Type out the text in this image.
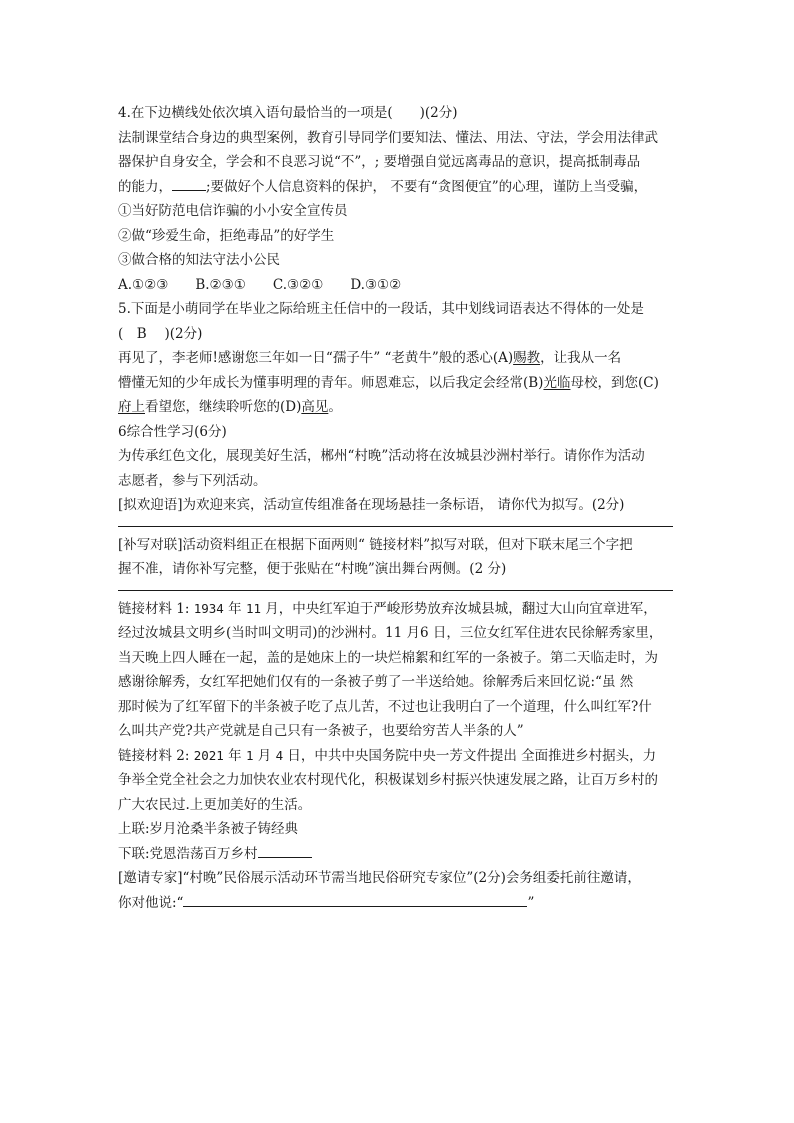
4.在下边横线处依次填入语句最恰当的一项是(　　)(2分)

法制课堂结合身边的典型案例，教育引导同学们要知法、懂法、用法、守法，学会用法律武

器保护自身安全，学会和不良恶习说“不”，; 要增强自觉远离毒品的意识，提高抵制毒品

的能力，	;要做好个人信息资料的保护， 不要有“贪图便宜”的心理，谨防上当受骗，

①当好防范电信诈骗的小小安全宣传员

②做“珍爱生命，拒绝毒品”的好学生

③做合格的知法守法小公民

A.①②③　　B.②③①　　C.③②①　　D.③①②

5.下面是小萌同学在毕业之际给班主任信中的一段话，其中划线词语表达不得体的一处是

(　B　 )(2分)

再见了，李老师!感谢您三年如一日“孺子牛” “老黄牛”般的悉心(A)赐教，让我从一名

懵懂无知的少年成长为懂事明理的青年。师恩难忘，以后我定会经常(B)光临母校，到您(C)

府上看望您，继续聆听您的(D)高见。

6综合性学习(6分)

为传承红色文化，展现美好生活，郴州“村晚”活动将在汝城县沙洲村举行。请你作为活动

志愿者，参与下列活动。

[拟欢迎语]为欢迎来宾，活动宣传组准备在现场悬挂一条标语， 请你代为拟写。(2分)

[补写对联]活动资料组正在根据下面两则“ 链接材料”拟写对联，但对下联末尾三个字把

握不准，请你补写完整，便于张贴在“村晚”演出舞台两侧。(2 分)

链接材料 1: 1934 年 11 月，中央红军迫于严峻形势放弃汝城县城，翻过大山向宜章进军，

经过汝城县文明乡(当时叫文明司)的沙洲村。11 月6 日，三位女红军住进农民徐解秀家里，

当天晚上四人睡在一起，盖的是她床上的一块烂棉絮和红军的一条被子。第二天临走时，为

感谢徐解秀，女红军把她们仅有的一条被子剪了一半送给她。徐解秀后来回忆说:“虽 然

那时候为了红军留下的半条被子吃了点儿苦，不过也让我明白了一个道理，什么叫红军?什

么叫共产党?共产党就是自己只有一条被子，也要给穷苦人半条的人”

链接材料 2: 2021 年 1 月 4 日，中共中央国务院中央一芳文件提出 全面推进乡村据头，力

争举全党全社会之力加快农业农村现代化，积极谋划乡村振兴快速发展之路，让百万乡村的

广大农民过.上更加美好的生活。

上联:岁月沧桑半条被子铸经典

下联:党恩浩荡百万乡村

[邀请专家]“村晚”民俗展示活动环节需当地民俗研究专家位”(2分)会务组委托前往邀请，

你对他说:“	”
